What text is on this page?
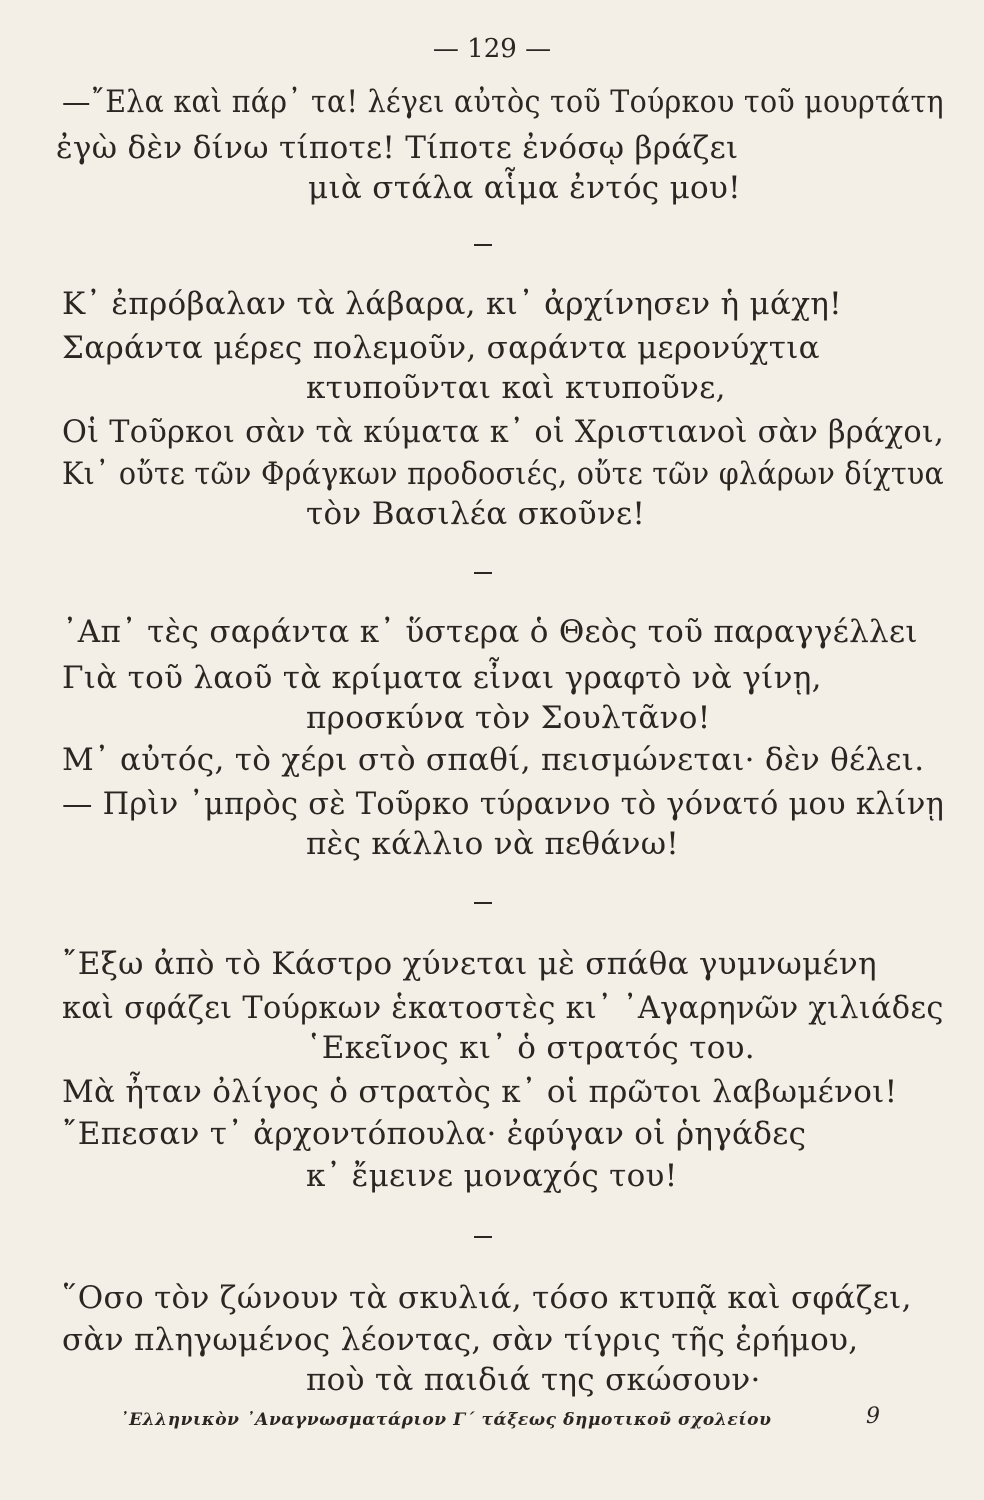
— 129 —
—῎Ελα καὶ πάρ᾿ τα! λέγει αὐτὸς τοῦ Τούρκου τοῦ μουρτάτη
ἐγὼ δὲν δίνω τίποτε! Τίποτε ἐνόσῳ βράζει
μιὰ στάλα αἷμα ἐντός μου!
Κ᾿ ἐπρόβαλαν τὰ λάβαρα, κι᾿ ἀρχίνησεν ἡ μάχη!
Σαράντα μέρες πολεμοῦν, σαράντα μερονύχτια
κτυποῦνται καὶ κτυποῦνε,
Οἱ Τοῦρκοι σὰν τὰ κύματα κ᾿ οἱ Χριστιανοὶ σὰν βράχοι,
Κι᾿ οὔτε τῶν Φράγκων προδοσιές, οὔτε τῶν φλάρων δίχτυα
τὸν Βασιλέα σκοῦνε!
᾿Απ᾿ τὲς σαράντα κ᾿ ὕστερα ὁ Θεὸς τοῦ παραγγέλλει
Γιὰ τοῦ λαοῦ τὰ κρίματα εἶναι γραφτὸ νὰ γίνῃ,
προσκύνα τὸν Σουλτᾶνο!
Μ᾿ αὐτός, τὸ χέρι στὸ σπαθί, πεισμώνεται· δὲν θέλει.
— Πρὶν ᾿μπρὸς σὲ Τοῦρκο τύραννο τὸ γόνατό μου κλίνῃ
πὲς κάλλιο νὰ πεθάνω!
῎Εξω ἀπὸ τὸ Κάστρο χύνεται μὲ σπάθα γυμνωμένη
καὶ σφάζει Τούρκων ἑκατοστὲς κι᾿ ᾿Αγαρηνῶν χιλιάδες
῾Εκεῖνος κι᾿ ὁ στρατός του.
Μὰ ἦταν ὀλίγος ὁ στρατὸς κ᾿ οἱ πρῶτοι λαβωμένοι!
῎Επεσαν τ᾿ ἀρχοντόπουλα· ἐφύγαν οἱ ῥηγάδες
κ᾿ ἔμεινε μοναχός του!
῞Οσο τὸν ζώνουν τὰ σκυλιά, τόσο κτυπᾷ καὶ σφάζει,
σὰν πληγωμένος λέοντας, σὰν τίγρις τῆς ἐρήμου,
ποὺ τὰ παιδιά της σκώσουν·
᾿Ελληνικὸν ᾿Αναγνωσματάριον Γ΄ τάξεως δημοτικοῦ σχολείου	9
